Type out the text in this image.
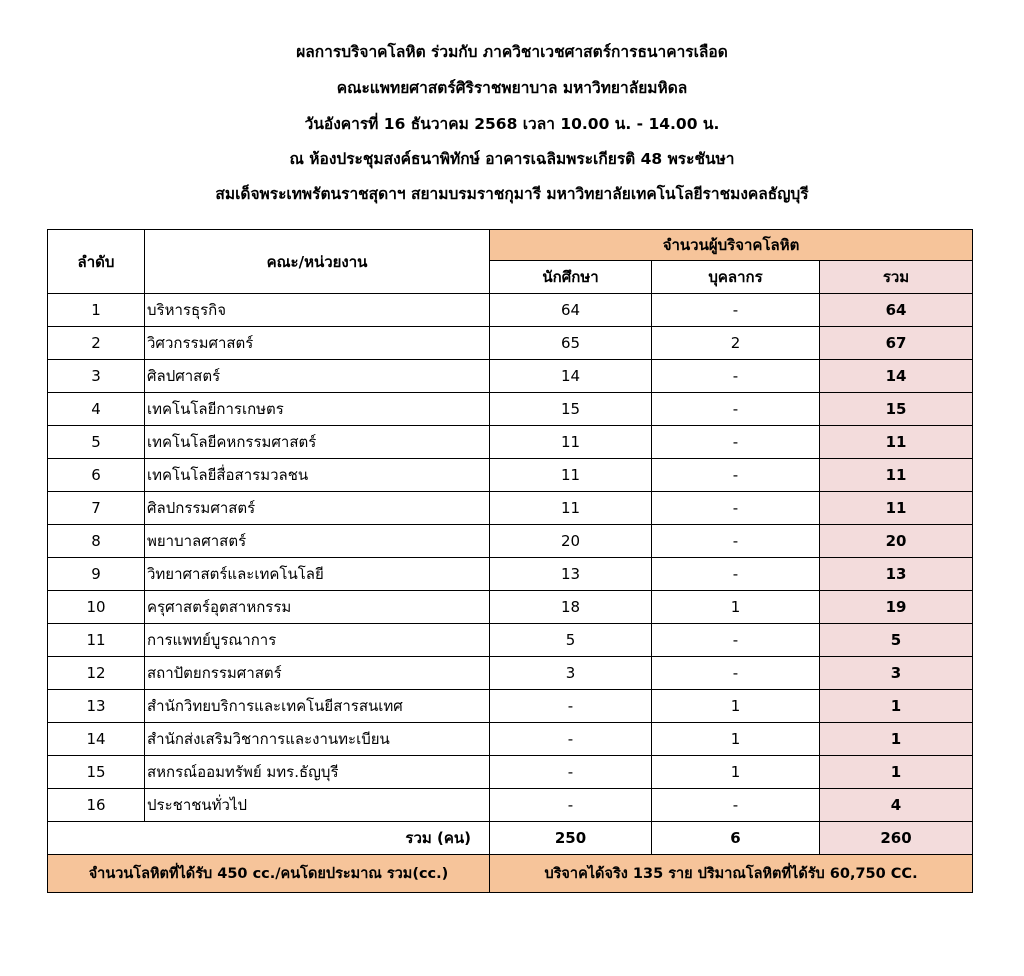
ผลการบริจาคโลหิต ร่วมกับ ภาควิชาเวชศาสตร์การธนาคารเลือด
คณะแพทยศาสตร์ศิริราชพยาบาล มหาวิทยาลัยมหิดล
วันอังคารที่ 16 ธันวาคม 2568 เวลา 10.00 น. - 14.00 น.
ณ ห้องประชุมสงค์ธนาพิทักษ์ อาคารเฉลิมพระเกียรติ 48 พระชันษา
สมเด็จพระเทพรัตนราชสุดาฯ สยามบรมราชกุมารี มหาวิทยาลัยเทคโนโลยีราชมงคลธัญบุรี
ลำดับ	คณะ/หน่วยงาน	จำนวนผู้บริจาคโลหิต		
		นักศึกษา	บุคลากร	รวม
1	บริหารธุรกิจ	64	-	64
2	วิศวกรรมศาสตร์	65	2	67
3	ศิลปศาสตร์	14	-	14
4	เทคโนโลยีการเกษตร	15	-	15
5	เทคโนโลยีคหกรรมศาสตร์	11	-	11
6	เทคโนโลยีสื่อสารมวลชน	11	-	11
7	ศิลปกรรมศาสตร์	11	-	11
8	พยาบาลศาสตร์	20	-	20
9	วิทยาศาสตร์และเทคโนโลยี	13	-	13
10	ครุศาสตร์อุตสาหกรรม	18	1	19
11	การแพทย์บูรณาการ	5	-	5
12	สถาปัตยกรรมศาสตร์	3	-	3
13	สำนักวิทยบริการและเทคโนยีสารสนเทศ	-	1	1
14	สำนักส่งเสริมวิชาการและงานทะเบียน	-	1	1
15	สหกรณ์ออมทรัพย์ มทร.ธัญบุรี	-	1	1
16	ประชาชนทั่วไป	-	-	4
รวม (คน)		250	6	260
จำนวนโลหิตที่ได้รับ 450 cc./คนโดยประมาณ รวม(cc.)		บริจาคได้จริง 135 ราย ปริมาณโลหิตที่ได้รับ 60,750 CC.		
